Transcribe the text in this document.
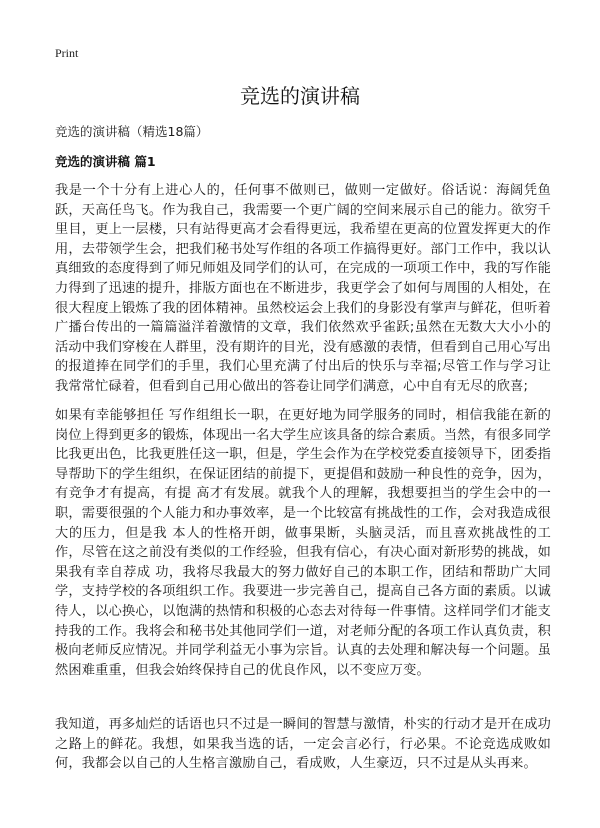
Print
竞选的演讲稿
竞选的演讲稿（精选18篇）
竞选的演讲稿 篇1

我是一个十分有上进心人的，任何事不做则已，做则一定做好。俗话说：海阔凭鱼跃，天高任鸟飞。作为我自己，我需要一个更广阔的空间来展示自己的能力。欲穷千里目，更上一层楼，只有站得更高才会看得更远，我希望在更高的位置发挥更大的作用，去带领学生会，把我们秘书处写作组的各项工作搞得更好。部门工作中，我以认真细致的态度得到了师兄师姐及同学们的认可，在完成的一项项工作中，我的写作能力得到了迅速的提升，排版方面也在不断进步，我更学会了如何与周围的人相处，在很大程度上锻炼了我的团体精神。虽然校运会上我们的身影没有掌声与鲜花，但听着广播台传出的一篇篇溢洋着激情的文章，我们依然欢乎雀跃;虽然在无数大大小小的活动中我们穿梭在人群里，没有期许的目光，没有感激的表情，但看到自己用心写出的报道捧在同学们的手里，我们心里充满了付出后的快乐与幸福;尽管工作与学习让我常常忙碌着，但看到自己用心做出的答卷让同学们满意，心中自有无尽的欣喜;

如果有幸能够担任 写作组组长一职，在更好地为同学服务的同时，相信我能在新的岗位上得到更多的锻炼，体现出一名大学生应该具备的综合素质。当然，有很多同学比我更出色，比我更胜任这一职，但是，学生会作为在学校党委直接领导下，团委指导帮助下的学生组织，在保证团结的前提下，更提倡和鼓励一种良性的竞争，因为，有竞争才有提高，有提 高才有发展。就我个人的理解，我想要担当的学生会中的一职，需要很强的个人能力和办事效率，是一个比较富有挑战性的工作，会对我造成很大的压力，但是我 本人的性格开朗，做事果断，头脑灵活，而且喜欢挑战性的工作，尽管在这之前没有类似的工作经验，但我有信心，有决心面对新形势的挑战，如果我有幸自荐成 功，我将尽我最大的努力做好自己的本职工作，团结和帮助广大同学，支持学校的各项组织工作。我要进一步完善自己，提高自己各方面的素质。以诚待人，以心换心，以饱满的热情和积极的心态去对待每一件事情。这样同学们才能支持我的工作。我将会和秘书处其他同学们一道，对老师分配的各项工作认真负责，积极向老师反应情况。并同学利益无小事为宗旨。认真的去处理和解决每一个问题。虽然困难重重，但我会始终保持自己的优良作风，以不变应万变。

我知道，再多灿烂的话语也只不过是一瞬间的智慧与激情，朴实的行动才是开在成功之路上的鲜花。我想，如果我当选的话，一定会言必行，行必果。不论竞选成败如何，我都会以自己的人生格言激励自己，看成败，人生豪迈，只不过是从头再来。
